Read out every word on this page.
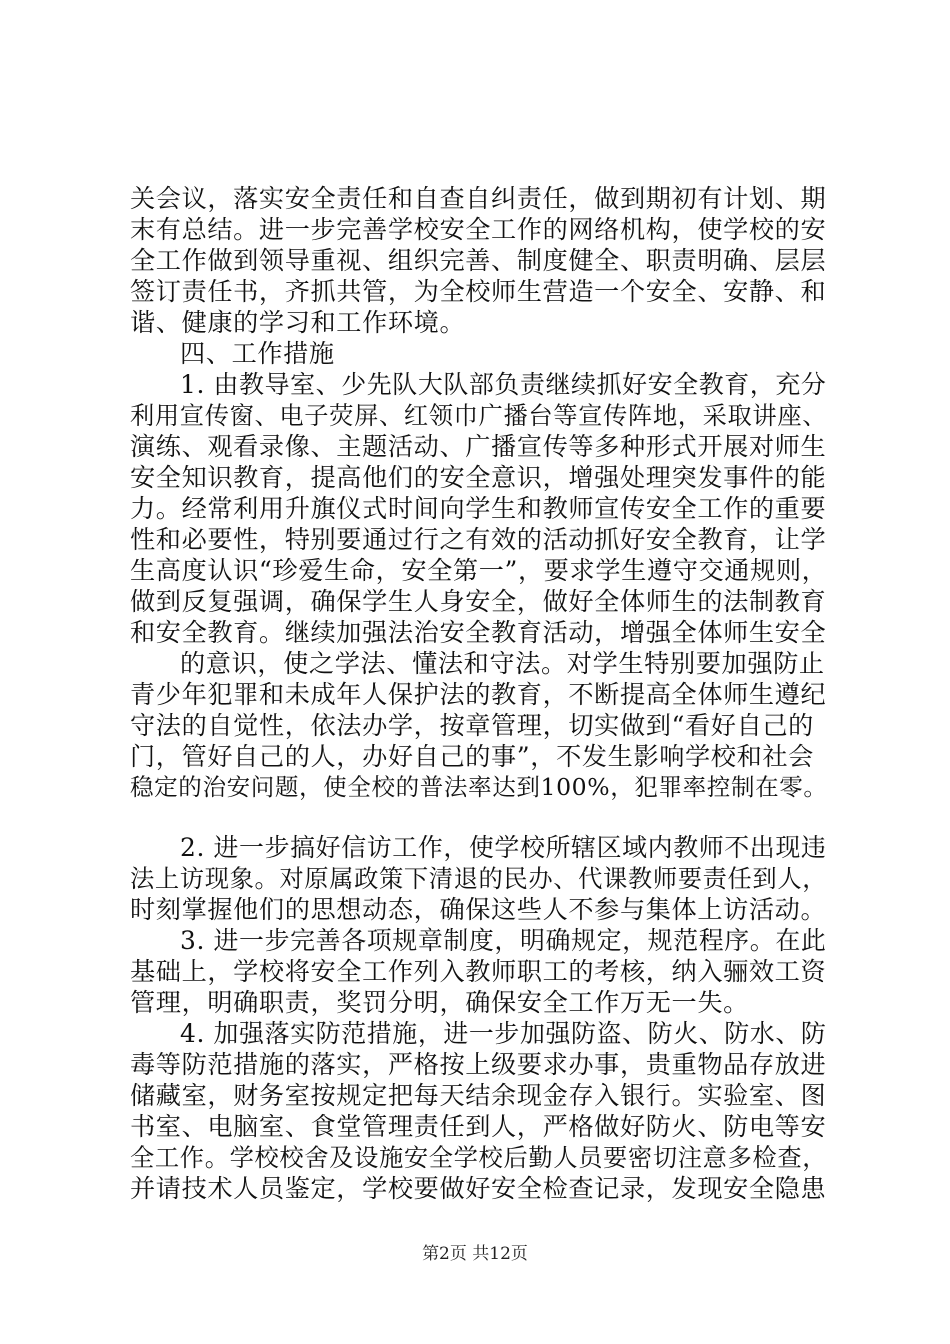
关会议，落实安全责任和自查自纠责任，做到期初有计划、期
末有总结。进一步完善学校安全工作的网络机构，使学校的安
全工作做到领导重视、组织完善、制度健全、职责明确、层层
签订责任书，齐抓共管，为全校师生营造一个安全、安静、和
谐、健康的学习和工作环境。
四、工作措施
1. 由教导室、少先队大队部负责继续抓好安全教育，充分
利用宣传窗、电子荧屏、红领巾广播台等宣传阵地，采取讲座、
演练、观看录像、主题活动、广播宣传等多种形式开展对师生
安全知识教育，提高他们的安全意识，增强处理突发事件的能
力。经常利用升旗仪式时间向学生和教师宣传安全工作的重要
性和必要性，特别要通过行之有效的活动抓好安全教育，让学
生高度认识“珍爱生命，安全第一”，要求学生遵守交通规则，
做到反复强调，确保学生人身安全，做好全体师生的法制教育
和安全教育。继续加强法治安全教育活动，增强全体师生安全
的意识，使之学法、懂法和守法。对学生特别要加强防止
青少年犯罪和未成年人保护法的教育，不断提高全体师生遵纪
守法的自觉性，依法办学，按章管理，切实做到“看好自己的
门，管好自己的人，办好自己的事”，不发生影响学校和社会
稳定的治安问题，使全校的普法率达到100%，犯罪率控制在零。
2. 进一步搞好信访工作，使学校所辖区域内教师不出现违
法上访现象。对原属政策下清退的民办、代课教师要责任到人，
时刻掌握他们的思想动态，确保这些人不参与集体上访活动。
3. 进一步完善各项规章制度，明确规定，规范程序。在此
基础上，学校将安全工作列入教师职工的考核，纳入骊效工资
管理，明确职责，奖罚分明，确保安全工作万无一失。
4. 加强落实防范措施，进一步加强防盗、防火、防水、防
毒等防范措施的落实，严格按上级要求办事，贵重物品存放进
储藏室，财务室按规定把每天结余现金存入银行。实验室、图
书室、电脑室、食堂管理责任到人，严格做好防火、防电等安
全工作。学校校舍及设施安全学校后勤人员要密切注意多检查，
并请技术人员鉴定，学校要做好安全检查记录，发现安全隐患
第2页 共12页
